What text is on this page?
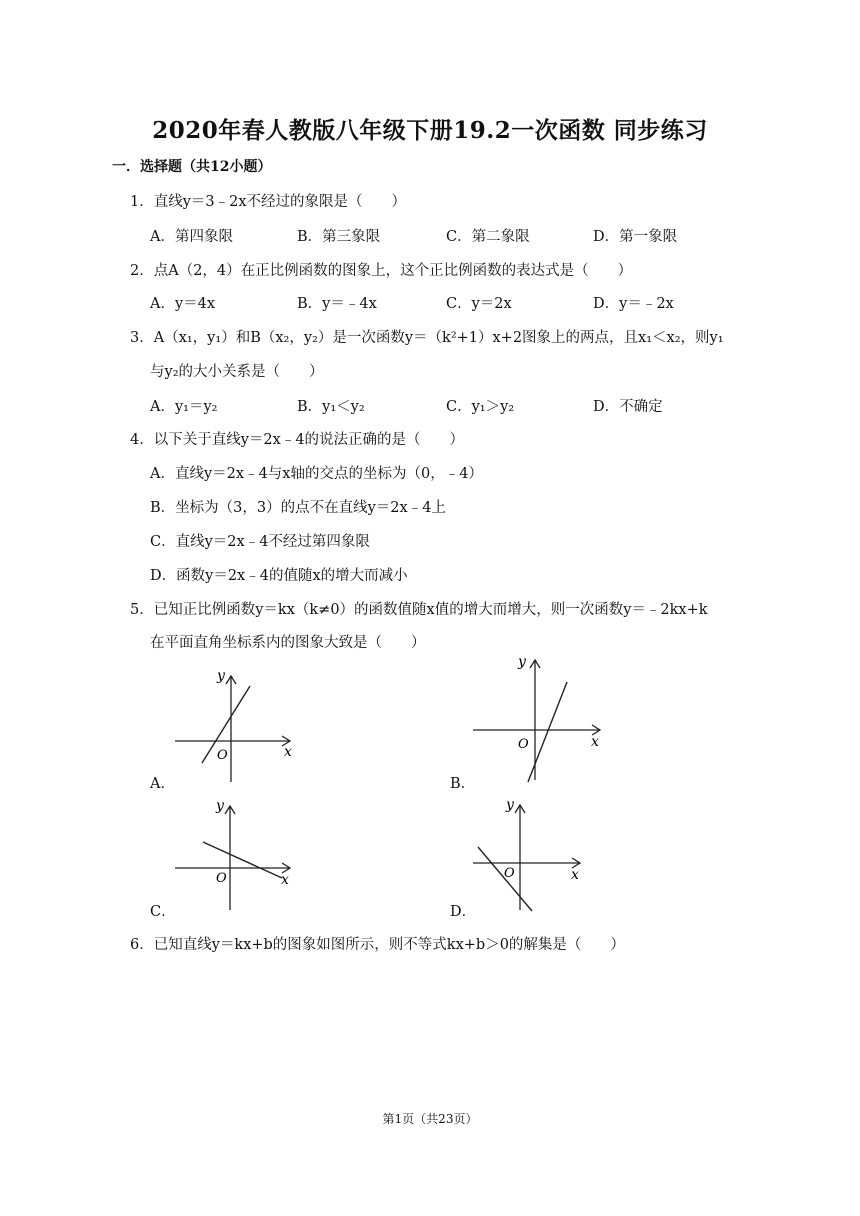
2020年春人教版八年级下册19.2一次函数 同步练习
一．选择题（共12小题）
1．直线y＝3﹣2x不经过的象限是（　　）
A．第四象限	B．第三象限	C．第二象限	D．第一象限
2．点A（2，4）在正比例函数的图象上，这个正比例函数的表达式是（　　）
A．y＝4x	B．y＝﹣4x	C．y＝2x	D．y＝﹣2x
3．A（x₁，y₁）和B（x₂，y₂）是一次函数y＝（k²+1）x+2图象上的两点，且x₁＜x₂，则y₁
与y₂的大小关系是（　　）
A．y₁＝y₂	B．y₁＜y₂	C．y₁＞y₂	D．不确定
4．以下关于直线y＝2x﹣4的说法正确的是（　　）
A．直线y＝2x﹣4与x轴的交点的坐标为（0，﹣4）
B．坐标为（3，3）的点不在直线y＝2x﹣4上
C．直线y＝2x﹣4不经过第四象限
D．函数y＝2x﹣4的值随x的增大而减小
5．已知正比例函数y＝kx（k≠0）的函数值随x值的增大而增大，则一次函数y＝﹣2kx+k
在平面直角坐标系内的图象大致是（　　）
y
x
O
A．
y
x
O
B．
y
x
O
C．
y
x
O
D．
6．已知直线y＝kx+b的图象如图所示，则不等式kx+b＞0的解集是（　　）
第1页（共23页）
